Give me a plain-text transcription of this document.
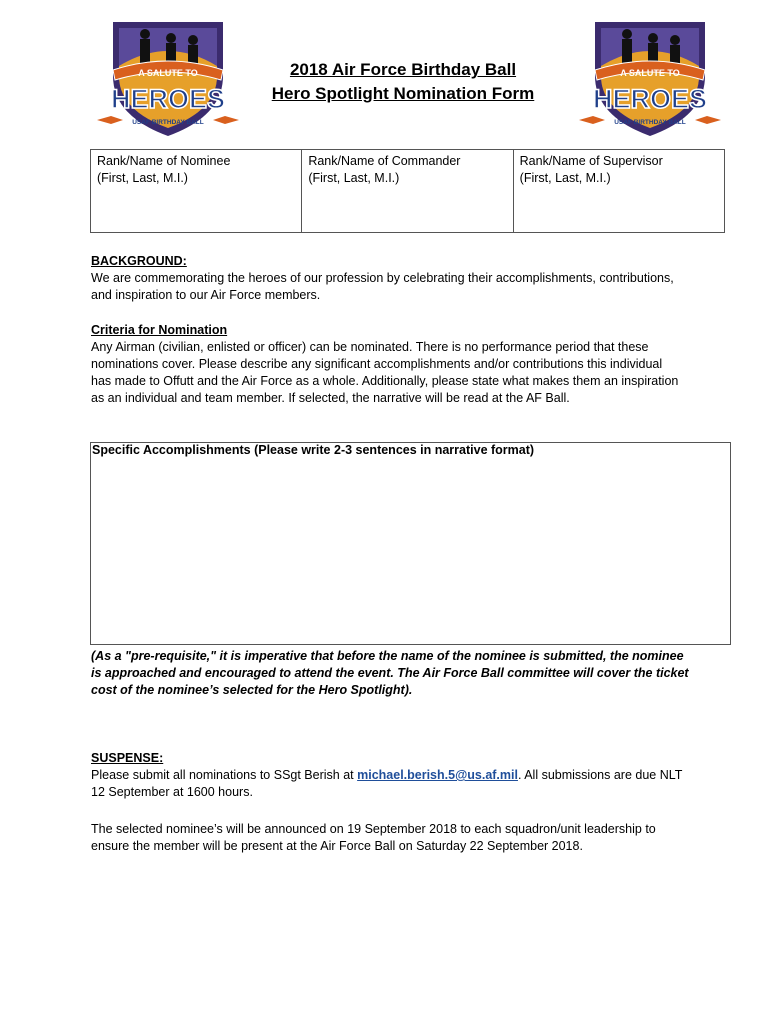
A SALUTE TO
HEROES
USAF BIRTHDAY BALL
A SALUTE TO
HEROES
USAF BIRTHDAY BALL
2018 Air Force Birthday Ball
Hero Spotlight Nomination Form
Rank/Name of Nominee
(First, Last, M.I.)
Rank/Name of Commander
(First, Last, M.I.)
Rank/Name of Supervisor
(First, Last, M.I.)
BACKGROUND:
We are commemorating the heroes of our profession by celebrating their accomplishments, contributions, and inspiration to our Air Force members.
Criteria for Nomination
Any Airman (civilian, enlisted or officer) can be nominated. There is no performance period that these nominations cover. Please describe any significant accomplishments and/or contributions this individual has made to Offutt and the Air Force as a whole. Additionally, please state what makes them an inspiration as an individual and team member. If selected, the narrative will be read at the AF Ball.
Specific Accomplishments (Please write 2-3 sentences in narrative format)
(As a "pre-requisite," it is imperative that before the name of the nominee is submitted, the nominee is approached and encouraged to attend the event. The Air Force Ball committee will cover the ticket cost of the nominee’s selected for the Hero Spotlight).
SUSPENSE:
Please submit all nominations to SSgt Berish at michael.berish.5@us.af.mil. All submissions are due NLT 12 September at 1600 hours.
The selected nominee’s will be announced on 19 September 2018 to each squadron/unit leadership to ensure the member will be present at the Air Force Ball on Saturday 22 September 2018.
